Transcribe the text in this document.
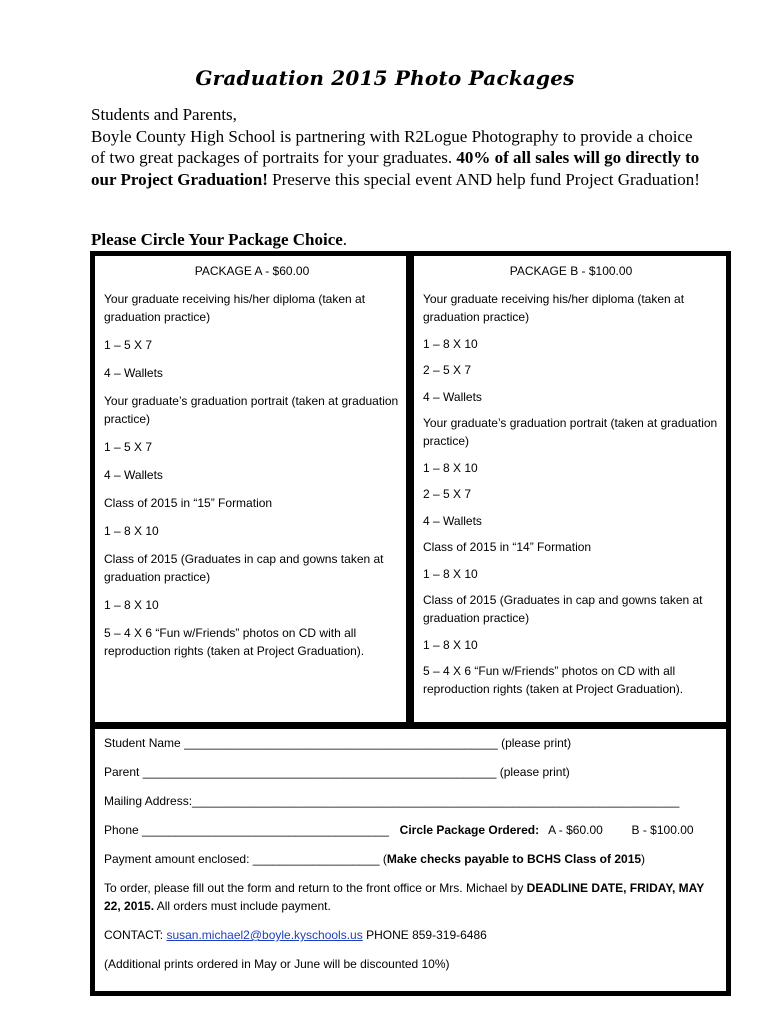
Graduation 2015 Photo Packages

Students and Parents,

Boyle County High School is partnering with R2Logue Photography to provide a choice of two great packages of portraits for your graduates. 40% of all sales will go directly to our Project Graduation! Preserve this special event AND help fund Project Graduation!

Please Circle Your Package Choice.
PACKAGE A - $60.00
Your graduate receiving his/her diploma (taken at graduation practice)
1 – 5 X 7
4 – Wallets
Your graduate’s graduation portrait (taken at graduation practice)
1 – 5 X 7
4 – Wallets
Class of 2015 in “15” Formation
1 – 8 X 10
Class of 2015 (Graduates in cap and gowns taken at graduation practice)
1 – 8 X 10
5 – 4 X 6 “Fun w/Friends” photos on CD with all reproduction rights (taken at Project Graduation).
PACKAGE B - $100.00
Your graduate receiving his/her diploma (taken at graduation practice)
1 – 8 X 10
2 – 5 X 7
4 – Wallets
Your graduate’s graduation portrait (taken at graduation practice)
1 – 8 X 10
2 – 5 X 7
4 – Wallets
Class of 2015 in “14” Formation
1 – 8 X 10
Class of 2015 (Graduates in cap and gowns taken at graduation practice)
1 – 8 X 10
5 – 4 X 6 “Fun w/Friends” photos on CD with all reproduction rights (taken at Project Graduation).
Student Name _______________________________________________ (please print)
Parent _____________________________________________________ (please print)
Mailing Address:_________________________________________________________________________
Phone _____________________________________ Circle Package Ordered: A - $60.00 B - $100.00
Payment amount enclosed: ___________________ (Make checks payable to BCHS Class of 2015)
To order, please fill out the form and return to the front office or Mrs. Michael by DEADLINE DATE, FRIDAY, MAY 22, 2015. All orders must include payment.
CONTACT: susan.michael2@boyle.kyschools.us PHONE 859-319-6486
(Additional prints ordered in May or June will be discounted 10%)
